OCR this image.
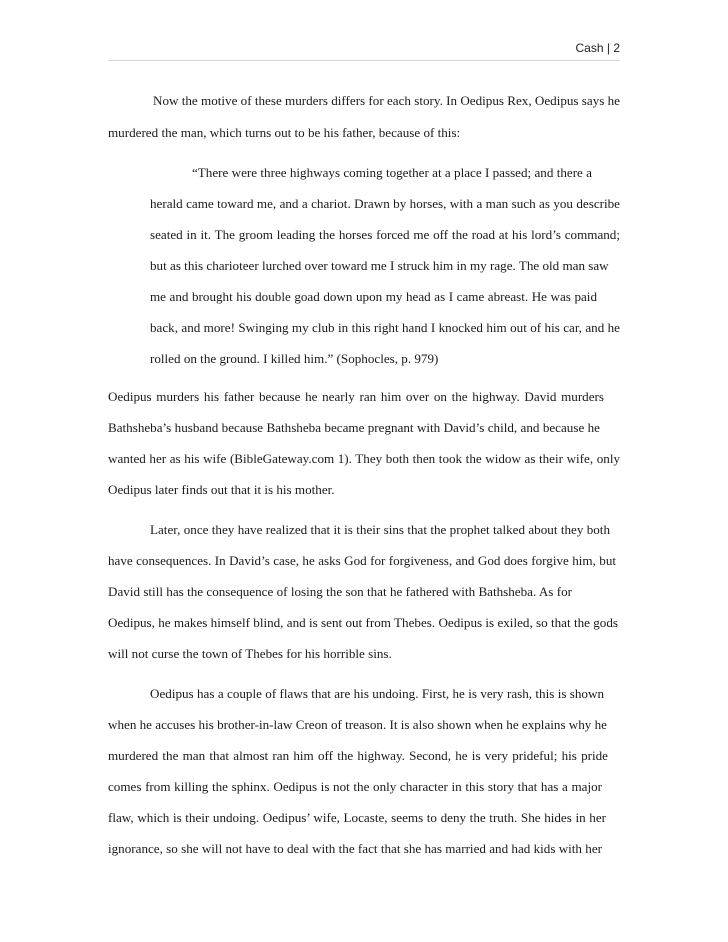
Cash | 2
Now the motive of these murders differs for each story. In Oedipus Rex, Oedipus says he
murdered the man, which turns out to be his father, because of this:
“There were three highways coming together at a place I passed; and there a
herald came toward me, and a chariot. Drawn by horses, with a man such as you describe
seated in it. The groom leading the horses forced me off the road at his lord’s command;
but as this charioteer lurched over toward me I struck him in my rage. The old man saw
me and brought his double goad down upon my head as I came abreast. He was paid
back, and more! Swinging my club in this right hand I knocked him out of his car, and he
rolled on the ground. I killed him.” (Sophocles, p. 979)
Oedipus murders his father because he nearly ran him over on the highway. David murders
Bathsheba’s husband because Bathsheba became pregnant with David’s child, and because he
wanted her as his wife (BibleGateway.com 1). They both then took the widow as their wife, only
Oedipus later finds out that it is his mother.
Later, once they have realized that it is their sins that the prophet talked about they both
have consequences. In David’s case, he asks God for forgiveness, and God does forgive him, but
David still has the consequence of losing the son that he fathered with Bathsheba. As for
Oedipus, he makes himself blind, and is sent out from Thebes. Oedipus is exiled, so that the gods
will not curse the town of Thebes for his horrible sins.
Oedipus has a couple of flaws that are his undoing. First, he is very rash, this is shown
when he accuses his brother-in-law Creon of treason. It is also shown when he explains why he
murdered the man that almost ran him off the highway. Second, he is very prideful; his pride
comes from killing the sphinx. Oedipus is not the only character in this story that has a major
flaw, which is their undoing. Oedipus’ wife, Locaste, seems to deny the truth. She hides in her
ignorance, so she will not have to deal with the fact that she has married and had kids with her
